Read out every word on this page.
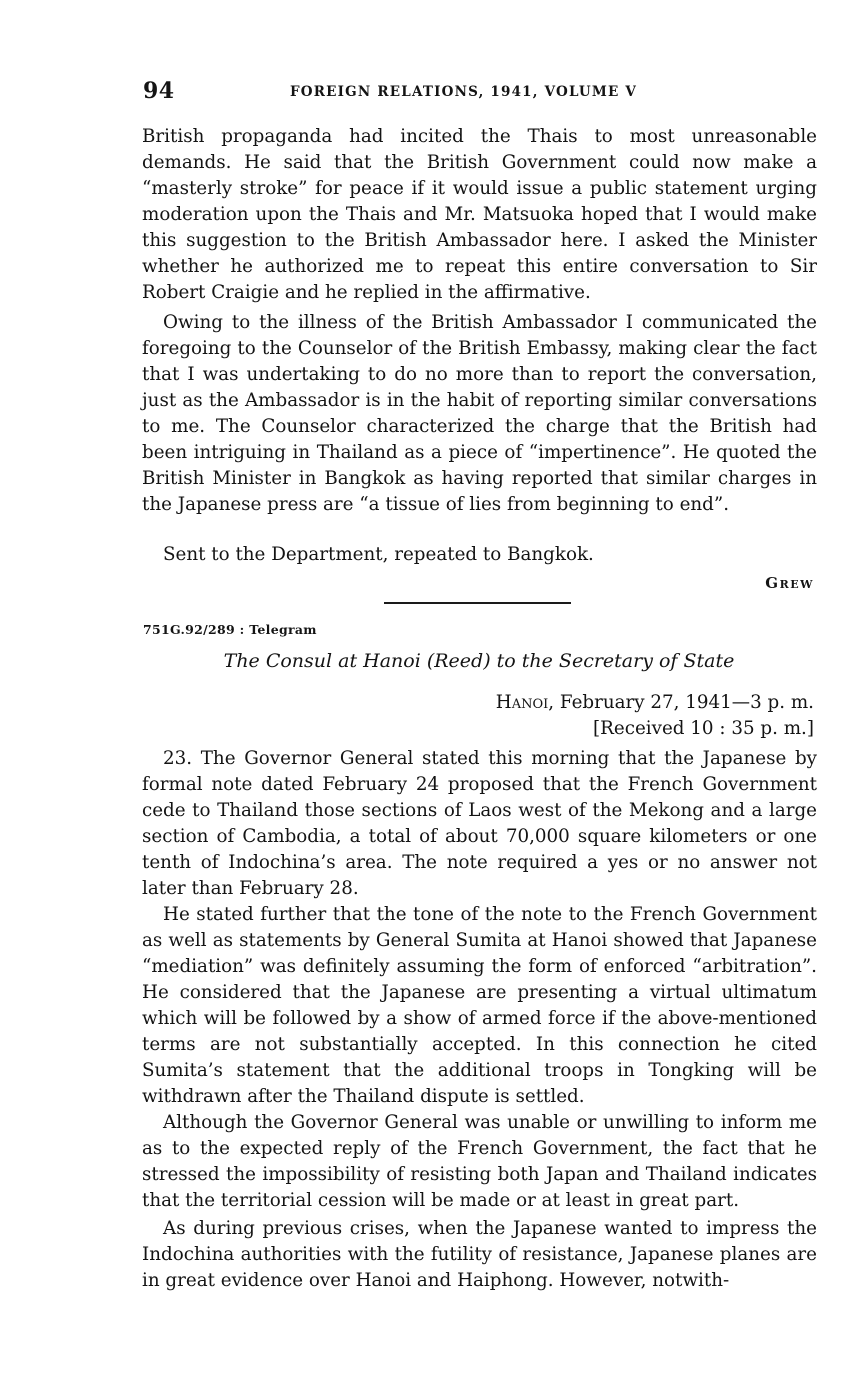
94	FOREIGN RELATIONS, 1941, VOLUME V

British propaganda had incited the Thais to most unreasonable demands. He said that the British Government could now make a “masterly stroke” for peace if it would issue a public statement urging moderation upon the Thais and Mr. Matsuoka hoped that I would make this suggestion to the British Ambassador here. I asked the Minister whether he authorized me to repeat this entire conversation to Sir Robert Craigie and he replied in the affirmative.

Owing to the illness of the British Ambassador I communicated the foregoing to the Counselor of the British Embassy, making clear the fact that I was undertaking to do no more than to report the conversation, just as the Ambassador is in the habit of reporting similar conversations to me. The Counselor characterized the charge that the British had been intriguing in Thailand as a piece of “impertinence”. He quoted the British Minister in Bangkok as having reported that similar charges in the Japanese press are “a tissue of lies from beginning to end”.

Sent to the Department, repeated to Bangkok.

Grew
751G.92/289 : Telegram
The Consul at Hanoi (Reed) to the Secretary of State
Hanoi, February 27, 1941—3 p. m.
[Received 10 : 35 p. m.]

23. The Governor General stated this morning that the Japanese by formal note dated February 24 proposed that the French Government cede to Thailand those sections of Laos west of the Mekong and a large section of Cambodia, a total of about 70,000 square kilometers or one tenth of Indochina’s area. The note required a yes or no answer not later than February 28.

He stated further that the tone of the note to the French Government as well as statements by General Sumita at Hanoi showed that Japanese “mediation” was definitely assuming the form of enforced “arbitration”. He considered that the Japanese are presenting a virtual ultimatum which will be followed by a show of armed force if the above-mentioned terms are not substantially accepted. In this connection he cited Sumita’s statement that the additional troops in Tongking will be withdrawn after the Thailand dispute is settled.

Although the Governor General was unable or unwilling to inform me as to the expected reply of the French Government, the fact that he stressed the impossibility of resisting both Japan and Thailand indicates that the territorial cession will be made or at least in great part.

As during previous crises, when the Japanese wanted to impress the Indochina authorities with the futility of resistance, Japanese planes are in great evidence over Hanoi and Haiphong. However, notwith-
